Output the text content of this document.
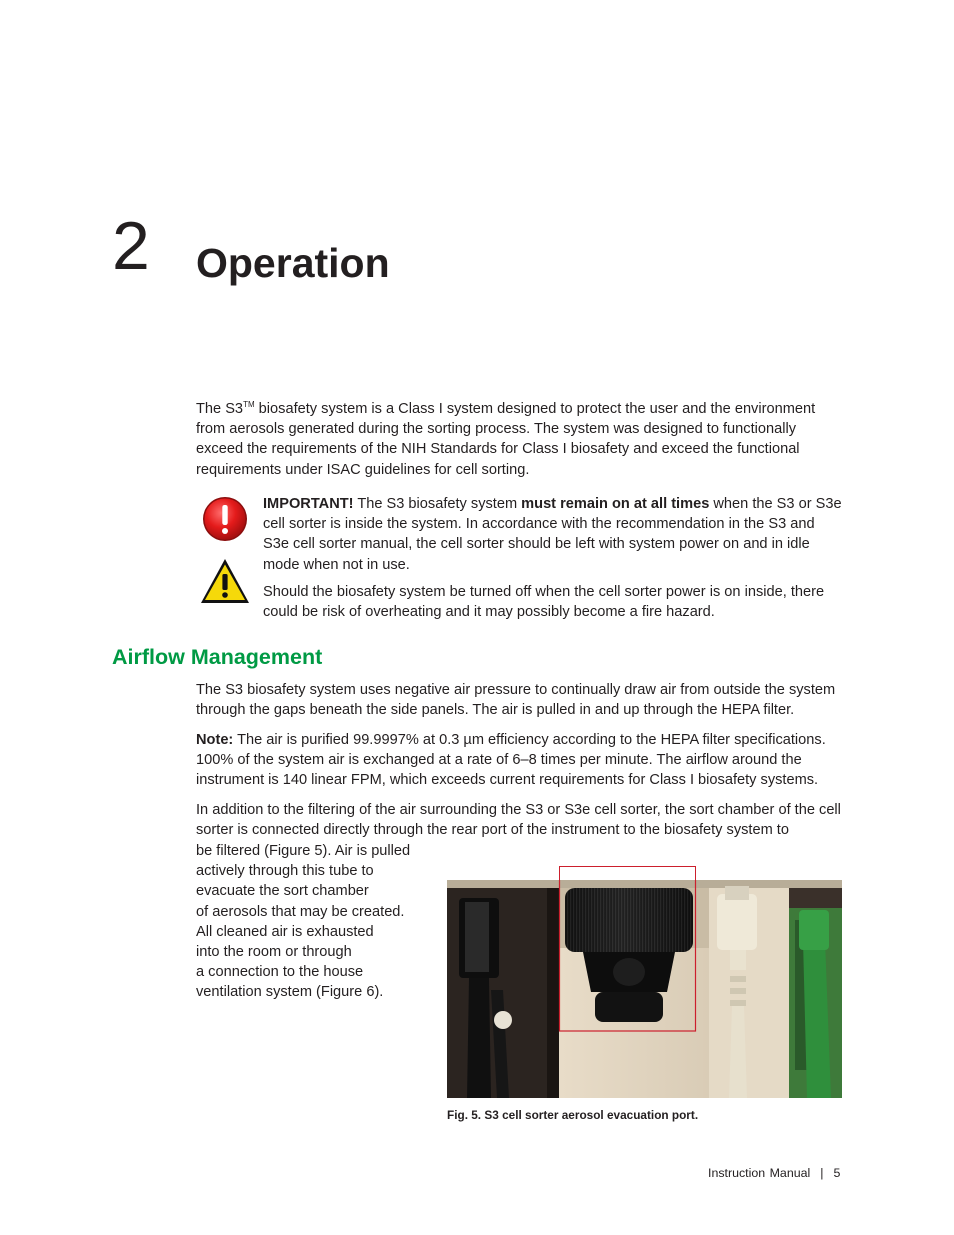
2 Operation

The S3™ biosafety system is a Class I system designed to protect the user and the environment from aerosols generated during the sorting process. The system was designed to functionally exceed the requirements of the NIH Standards for Class I biosafety and exceed the functional requirements under ISAC guidelines for cell sorting.

IMPORTANT! The S3 biosafety system must remain on at all times when the S3 or S3e cell sorter is inside the system. In accordance with the recommendation in the S3 and S3e cell sorter manual, the cell sorter should be left with system power on and in idle mode when not in use.

Should the biosafety system be turned off when the cell sorter power is on inside, there could be risk of overheating and it may possibly become a fire hazard.

Airflow Management

The S3 biosafety system uses negative air pressure to continually draw air from outside the system through the gaps beneath the side panels. The air is pulled in and up through the HEPA filter.

Note: The air is purified 99.9997% at 0.3 µm efficiency according to the HEPA filter specifications. 100% of the system air is exchanged at a rate of 6–8 times per minute. The airflow around the instrument is 140 linear FPM, which exceeds current requirements for Class I biosafety systems.

In addition to the filtering of the air surrounding the S3 or S3e cell sorter, the sort chamber of the cell sorter is connected directly through the rear port of the instrument to the biosafety system to

be filtered (Figure 5). Air is pulled
actively through this tube to
evacuate the sort chamber
of aerosols that may be created.
All cleaned air is exhausted
into the room or through
a connection to the house
ventilation system (Figure 6).
Fig. 5. S3 cell sorter aerosol evacuation port.
Instruction Manual | 5
